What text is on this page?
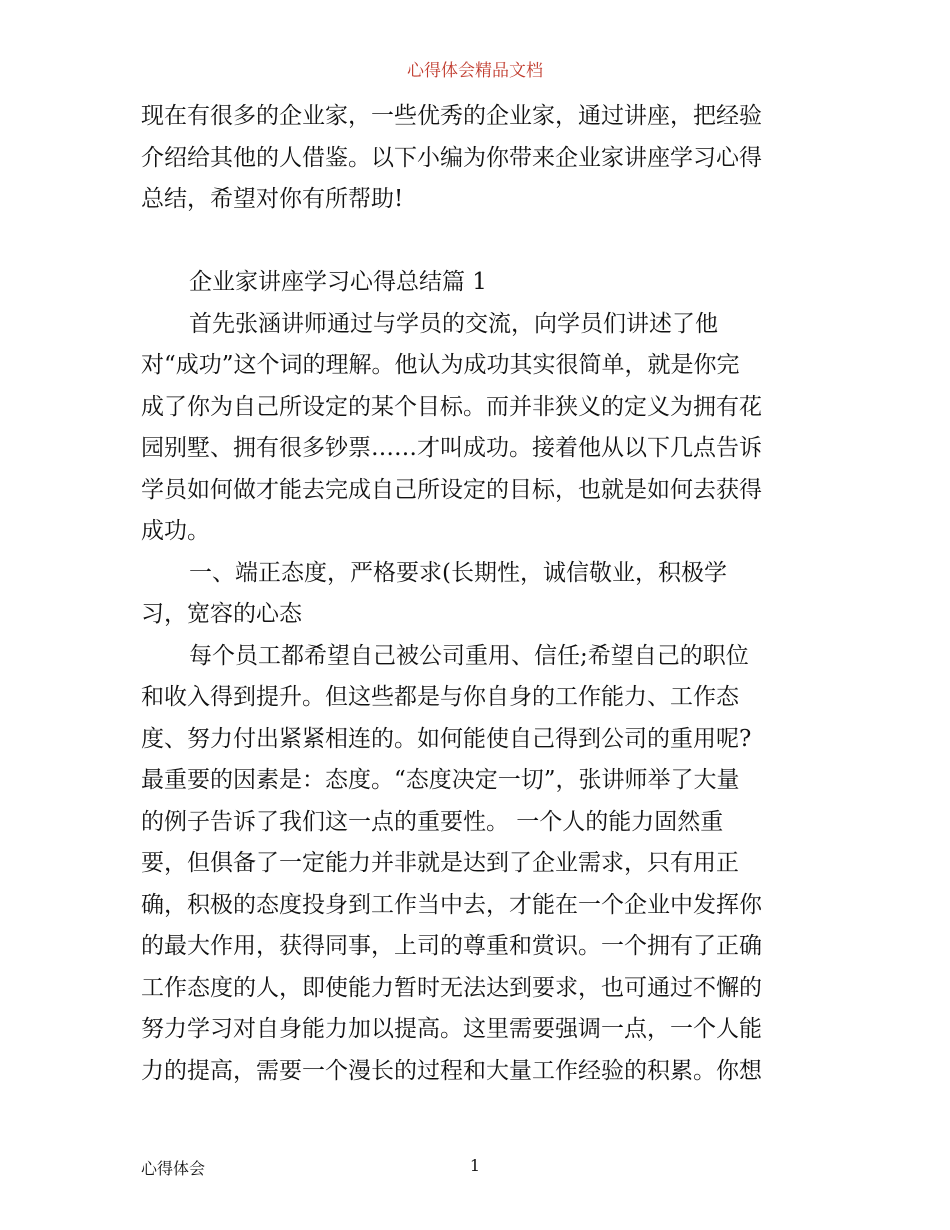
心得体会精品文档
现在有很多的企业家，一些优秀的企业家，通过讲座，把经验
介绍给其他的人借鉴。以下小编为你带来企业家讲座学习心得
总结，希望对你有所帮助!
企业家讲座学习心得总结篇 1
首先张涵讲师通过与学员的交流，向学员们讲述了他
对“成功”这个词的理解。他认为成功其实很简单，就是你完
成了你为自己所设定的某个目标。而并非狭义的定义为拥有花
园别墅、拥有很多钞票……才叫成功。接着他从以下几点告诉
学员如何做才能去完成自己所设定的目标，也就是如何去获得
成功。
一、端正态度，严格要求(长期性，诚信敬业，积极学
习，宽容的心态
每个员工都希望自己被公司重用、信任;希望自己的职位
和收入得到提升。但这些都是与你自身的工作能力、工作态
度、努力付出紧紧相连的。如何能使自己得到公司的重用呢?
最重要的因素是：态度。“态度决定一切”，张讲师举了大量
的例子告诉了我们这一点的重要性。 一个人的能力固然重
要，但俱备了一定能力并非就是达到了企业需求，只有用正
确，积极的态度投身到工作当中去，才能在一个企业中发挥你
的最大作用，获得同事，上司的尊重和赏识。一个拥有了正确
工作态度的人，即使能力暂时无法达到要求，也可通过不懈的
努力学习对自身能力加以提高。这里需要强调一点，一个人能
力的提高，需要一个漫长的过程和大量工作经验的积累。你想
心得体会	1
